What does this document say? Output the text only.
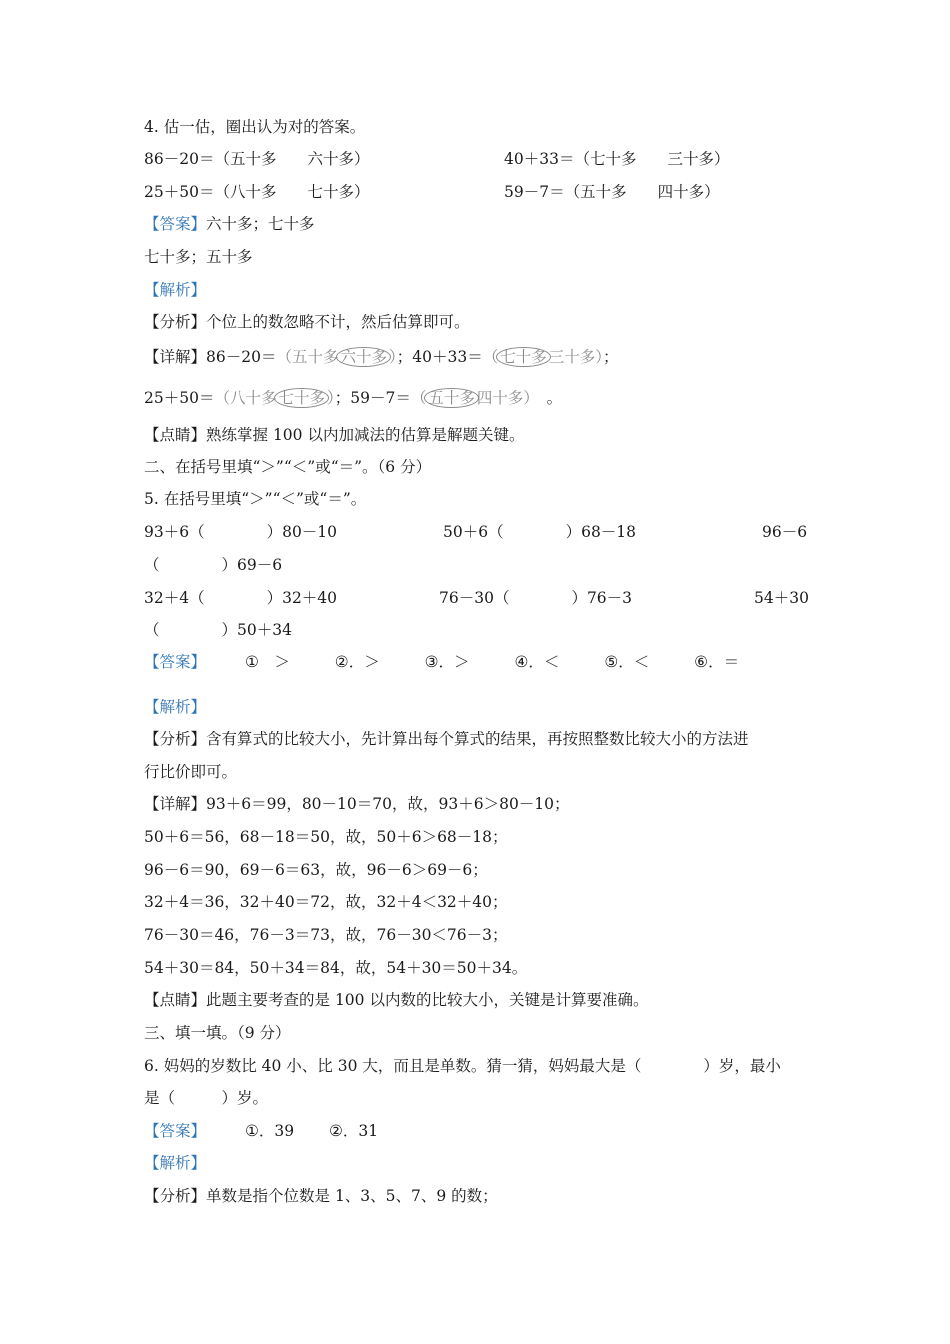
4. 估一估，圈出认为对的答案。
86－20＝（五十多　　六十多）	40＋33＝（七十多　　三十多）
25＋50＝（八十多　　七十多）	59－7＝（五十多　　四十多）
【答案】六十多；七十多
七十多；五十多
【解析】
【分析】个位上的数忽略不计，然后估算即可。
【详解】86－20＝（五十多 六十多 ）；40＋33＝（ 七十多 三十多）；
25＋50＝（八十多 七十多 ）；59－7＝（ 五十多 四十多）　。
【点睛】熟练掌握 100 以内加减法的估算是解题关键。
二、在括号里填“＞”“＜”或“＝”。（6 分）
5. 在括号里填“＞”“＜”或“＝”。
93＋6（　　　　）80－10	50＋6（　　　　）68－18	96－6
（　　　　）69－6
32＋4（　　　　）32＋40	76－30（　　　　）76－3	54＋30
（　　　　）50＋34
【答案】	①　＞	②．＞	③．＞	④．＜	⑤．＜	⑥．＝
【解析】
【分析】含有算式的比较大小，先计算出每个算式的结果，再按照整数比较大小的方法进
行比价即可。
【详解】93＋6＝99，80－10＝70，故，93＋6＞80－10；
50＋6＝56，68－18＝50，故，50＋6＞68－18；
96－6＝90，69－6＝63，故，96－6＞69－6；
32＋4＝36，32＋40＝72，故，32＋4＜32＋40；
76－30＝46，76－3＝73，故，76－30＜76－3；
54＋30＝84，50＋34＝84，故，54＋30＝50＋34。
【点睛】此题主要考查的是 100 以内数的比较大小，关键是计算要准确。
三、填一填。（9 分）
6. 妈妈的岁数比 40 小、比 30 大，而且是单数。猜一猜，妈妈最大是（　　　　）岁，最小
是（　　　）岁。
【答案】	①．39 ②．31
【解析】
【分析】单数是指个位数是 1、3、5、7、9 的数；
